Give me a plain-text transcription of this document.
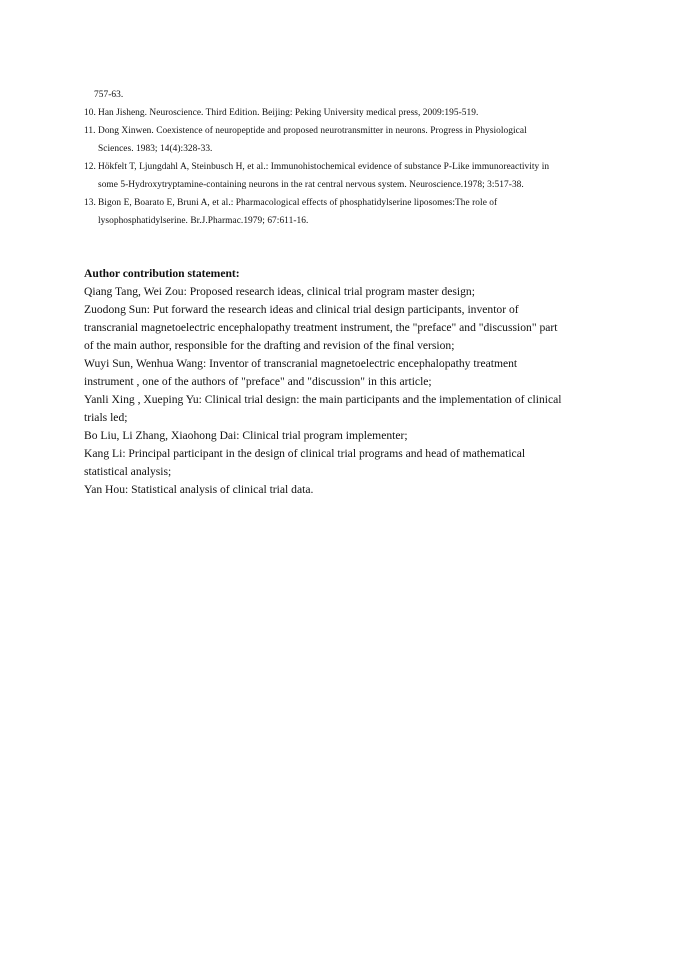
757-63.
10. Han Jisheng. Neuroscience. Third Edition. Beijing: Peking University medical press, 2009:195-519.
11. Dong Xinwen. Coexistence of neuropeptide and proposed neurotransmitter in neurons. Progress in Physiological
Sciences. 1983; 14(4):328-33.
12. Hökfelt T, Ljungdahl A, Steinbusch H, et al.: Immunohistochemical evidence of substance P-Like immunoreactivity in
some 5-Hydroxytryptamine-containing neurons in the rat central nervous system. Neuroscience.1978; 3:517-38.
13. Bigon E, Boarato E, Bruni A, et al.: Pharmacological effects of phosphatidylserine liposomes:The role of
lysophosphatidylserine. Br.J.Pharmac.1979; 67:611-16.
Author contribution statement:
Qiang Tang, Wei Zou: Proposed research ideas, clinical trial program master design;
Zuodong Sun: Put forward the research ideas and clinical trial design participants, inventor of
transcranial magnetoelectric encephalopathy treatment instrument, the "preface" and "discussion" part
of the main author, responsible for the drafting and revision of the final version;
Wuyi Sun, Wenhua Wang: Inventor of transcranial magnetoelectric encephalopathy treatment
instrument , one of the authors of "preface" and "discussion" in this article;
Yanli Xing , Xueping Yu: Clinical trial design: the main participants and the implementation of clinical
trials led;
Bo Liu, Li Zhang, Xiaohong Dai: Clinical trial program implementer;
Kang Li: Principal participant in the design of clinical trial programs and head of mathematical
statistical analysis;
Yan Hou: Statistical analysis of clinical trial data.
